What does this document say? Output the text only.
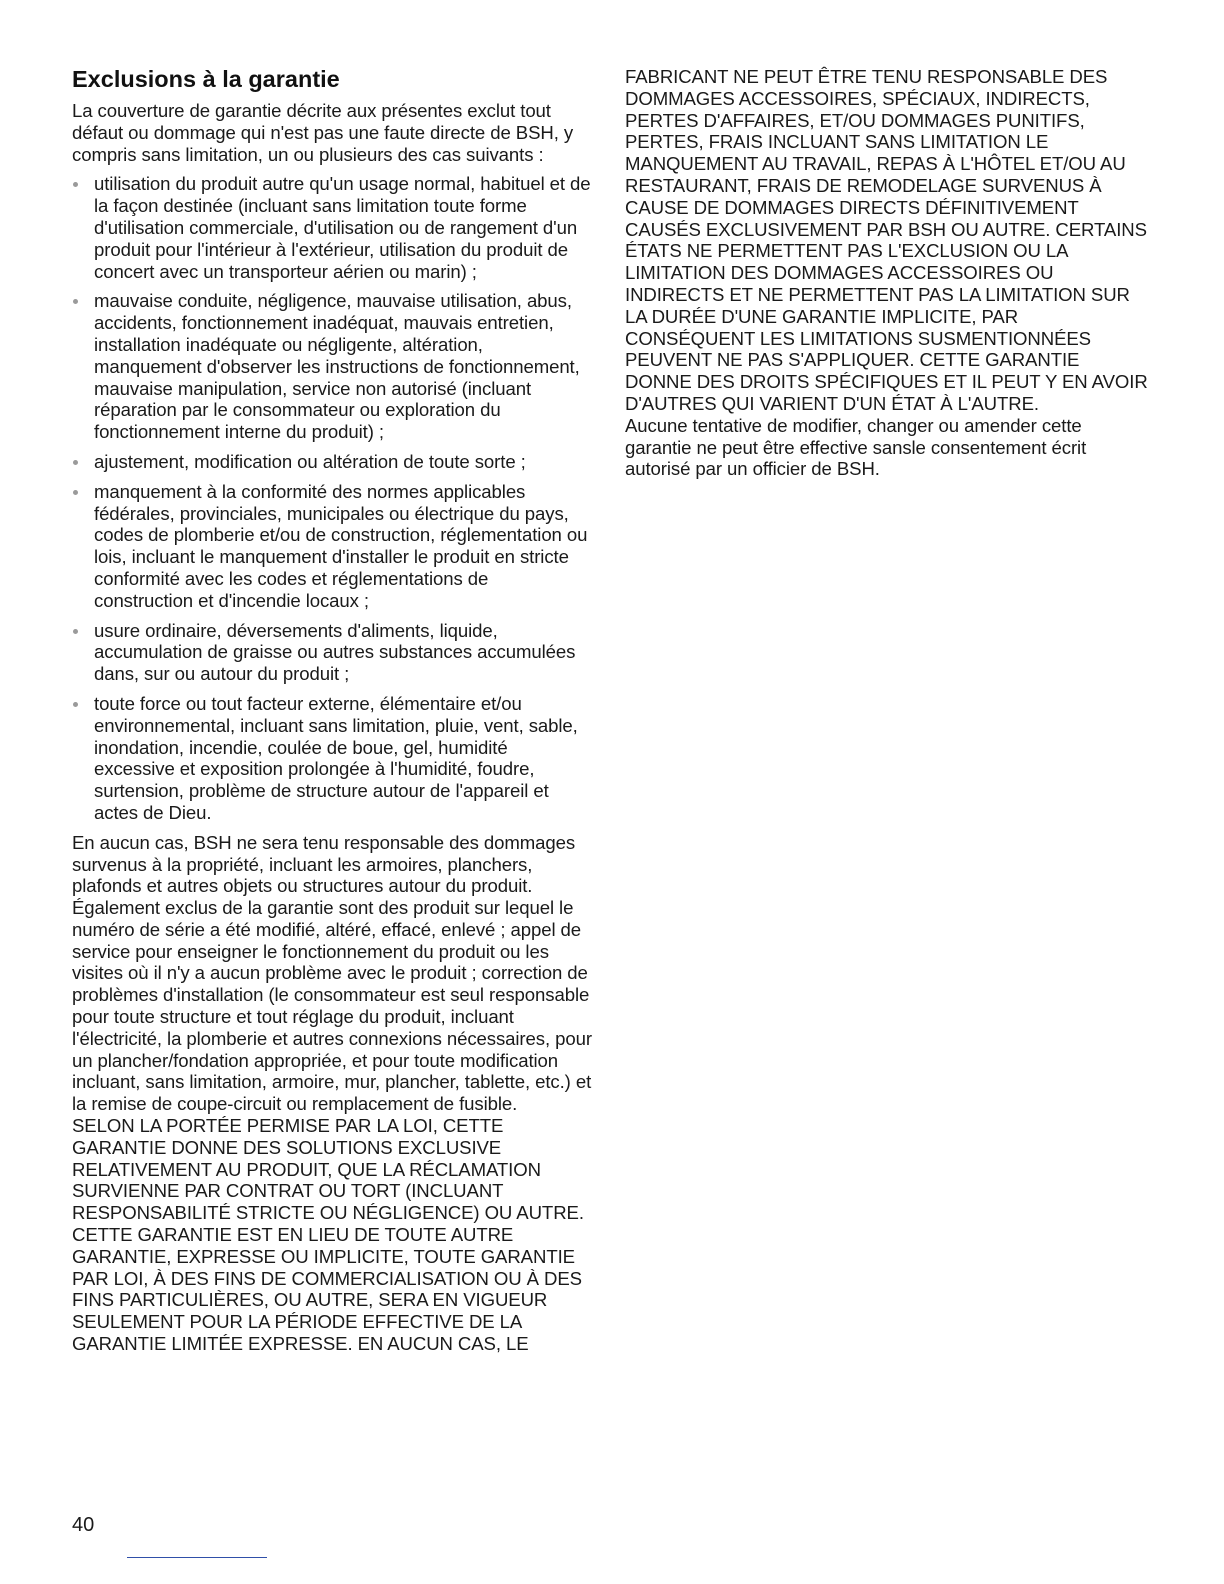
Exclusions à la garantie

La couverture de garantie décrite aux présentes exclut tout défaut ou dommage qui n'est pas une faute directe de BSH, y compris sans limitation, un ou plusieurs des cas suivants :

utilisation du produit autre qu'un usage normal, habituel et de la façon destinée (incluant sans limitation toute forme d'utilisation commerciale, d'utilisation ou de rangement d'un produit pour l'intérieur à l'extérieur, utilisation du produit de concert avec un transporteur aérien ou marin) ;
mauvaise conduite, négligence, mauvaise utilisation, abus, accidents, fonctionnement inadéquat, mauvais entretien, installation inadéquate ou négligente, altération, manquement d'observer les instructions de fonctionnement, mauvaise manipulation, service non autorisé (incluant réparation par le consommateur ou exploration du fonctionnement interne du produit) ;
ajustement, modification ou altération de toute sorte ;
manquement à la conformité des normes applicables fédérales, provinciales, municipales ou électrique du pays, codes de plomberie et/ou de construction, réglementation ou lois, incluant le manquement d'installer le produit en stricte conformité avec les codes et réglementations de construction et d'incendie locaux ;
usure ordinaire, déversements d'aliments, liquide, accumulation de graisse ou autres substances accumulées dans, sur ou autour du produit ;
toute force ou tout facteur externe, élémentaire et/ou environnemental, incluant sans limitation, pluie, vent, sable, inondation, incendie, coulée de boue, gel, humidité excessive et exposition prolongée à l'humidité, foudre, surtension, problème de structure autour de l'appareil et actes de Dieu.

En aucun cas, BSH ne sera tenu responsable des dommages survenus à la propriété, incluant les armoires, planchers, plafonds et autres objets ou structures autour du produit. Également exclus de la garantie sont des produit sur lequel le numéro de série a été modifié, altéré, effacé, enlevé ; appel de service pour enseigner le fonctionnement du produit ou les visites où il n'y a aucun problème avec le produit ; correction de problèmes d'installation (le consommateur est seul responsable pour toute structure et tout réglage du produit, incluant l'électricité, la plomberie et autres connexions nécessaires, pour un plancher/fondation appropriée, et pour toute modification incluant, sans limitation, armoire, mur, plancher, tablette, etc.) et la remise de coupe-circuit ou remplacement de fusible.

SELON LA PORTÉE PERMISE PAR LA LOI, CETTE GARANTIE DONNE DES SOLUTIONS EXCLUSIVE RELATIVEMENT AU PRODUIT, QUE LA RÉCLAMATION SURVIENNE PAR CONTRAT OU TORT (INCLUANT RESPONSABILITÉ STRICTE OU NÉGLIGENCE) OU AUTRE. CETTE GARANTIE EST EN LIEU DE TOUTE AUTRE GARANTIE, EXPRESSE OU IMPLICITE, TOUTE GARANTIE PAR LOI, À DES FINS DE COMMERCIALISATION OU À DES FINS PARTICULIÈRES, OU AUTRE, SERA EN VIGUEUR SEULEMENT POUR LA PÉRIODE EFFECTIVE DE LA GARANTIE LIMITÉE EXPRESSE. EN AUCUN CAS, LE

FABRICANT NE PEUT ÊTRE TENU RESPONSABLE DES DOMMAGES ACCESSOIRES, SPÉCIAUX, INDIRECTS, PERTES D'AFFAIRES, ET/OU DOMMAGES PUNITIFS, PERTES, FRAIS INCLUANT SANS LIMITATION LE MANQUEMENT AU TRAVAIL, REPAS À L'HÔTEL ET/OU AU RESTAURANT, FRAIS DE REMODELAGE SURVENUS À CAUSE DE DOMMAGES DIRECTS DÉFINITIVEMENT CAUSÉS EXCLUSIVEMENT PAR BSH OU AUTRE. CERTAINS ÉTATS NE PERMETTENT PAS L'EXCLUSION OU LA LIMITATION DES DOMMAGES ACCESSOIRES OU INDIRECTS ET NE PERMETTENT PAS LA LIMITATION SUR LA DURÉE D'UNE GARANTIE IMPLICITE, PAR CONSÉQUENT LES LIMITATIONS SUSMENTIONNÉES PEUVENT NE PAS S'APPLIQUER. CETTE GARANTIE DONNE DES DROITS SPÉCIFIQUES ET IL PEUT Y EN AVOIR D'AUTRES QUI VARIENT D'UN ÉTAT À L'AUTRE.

Aucune tentative de modifier, changer ou amender cette garantie ne peut être effective sansle consentement écrit autorisé par un officier de BSH.

40
